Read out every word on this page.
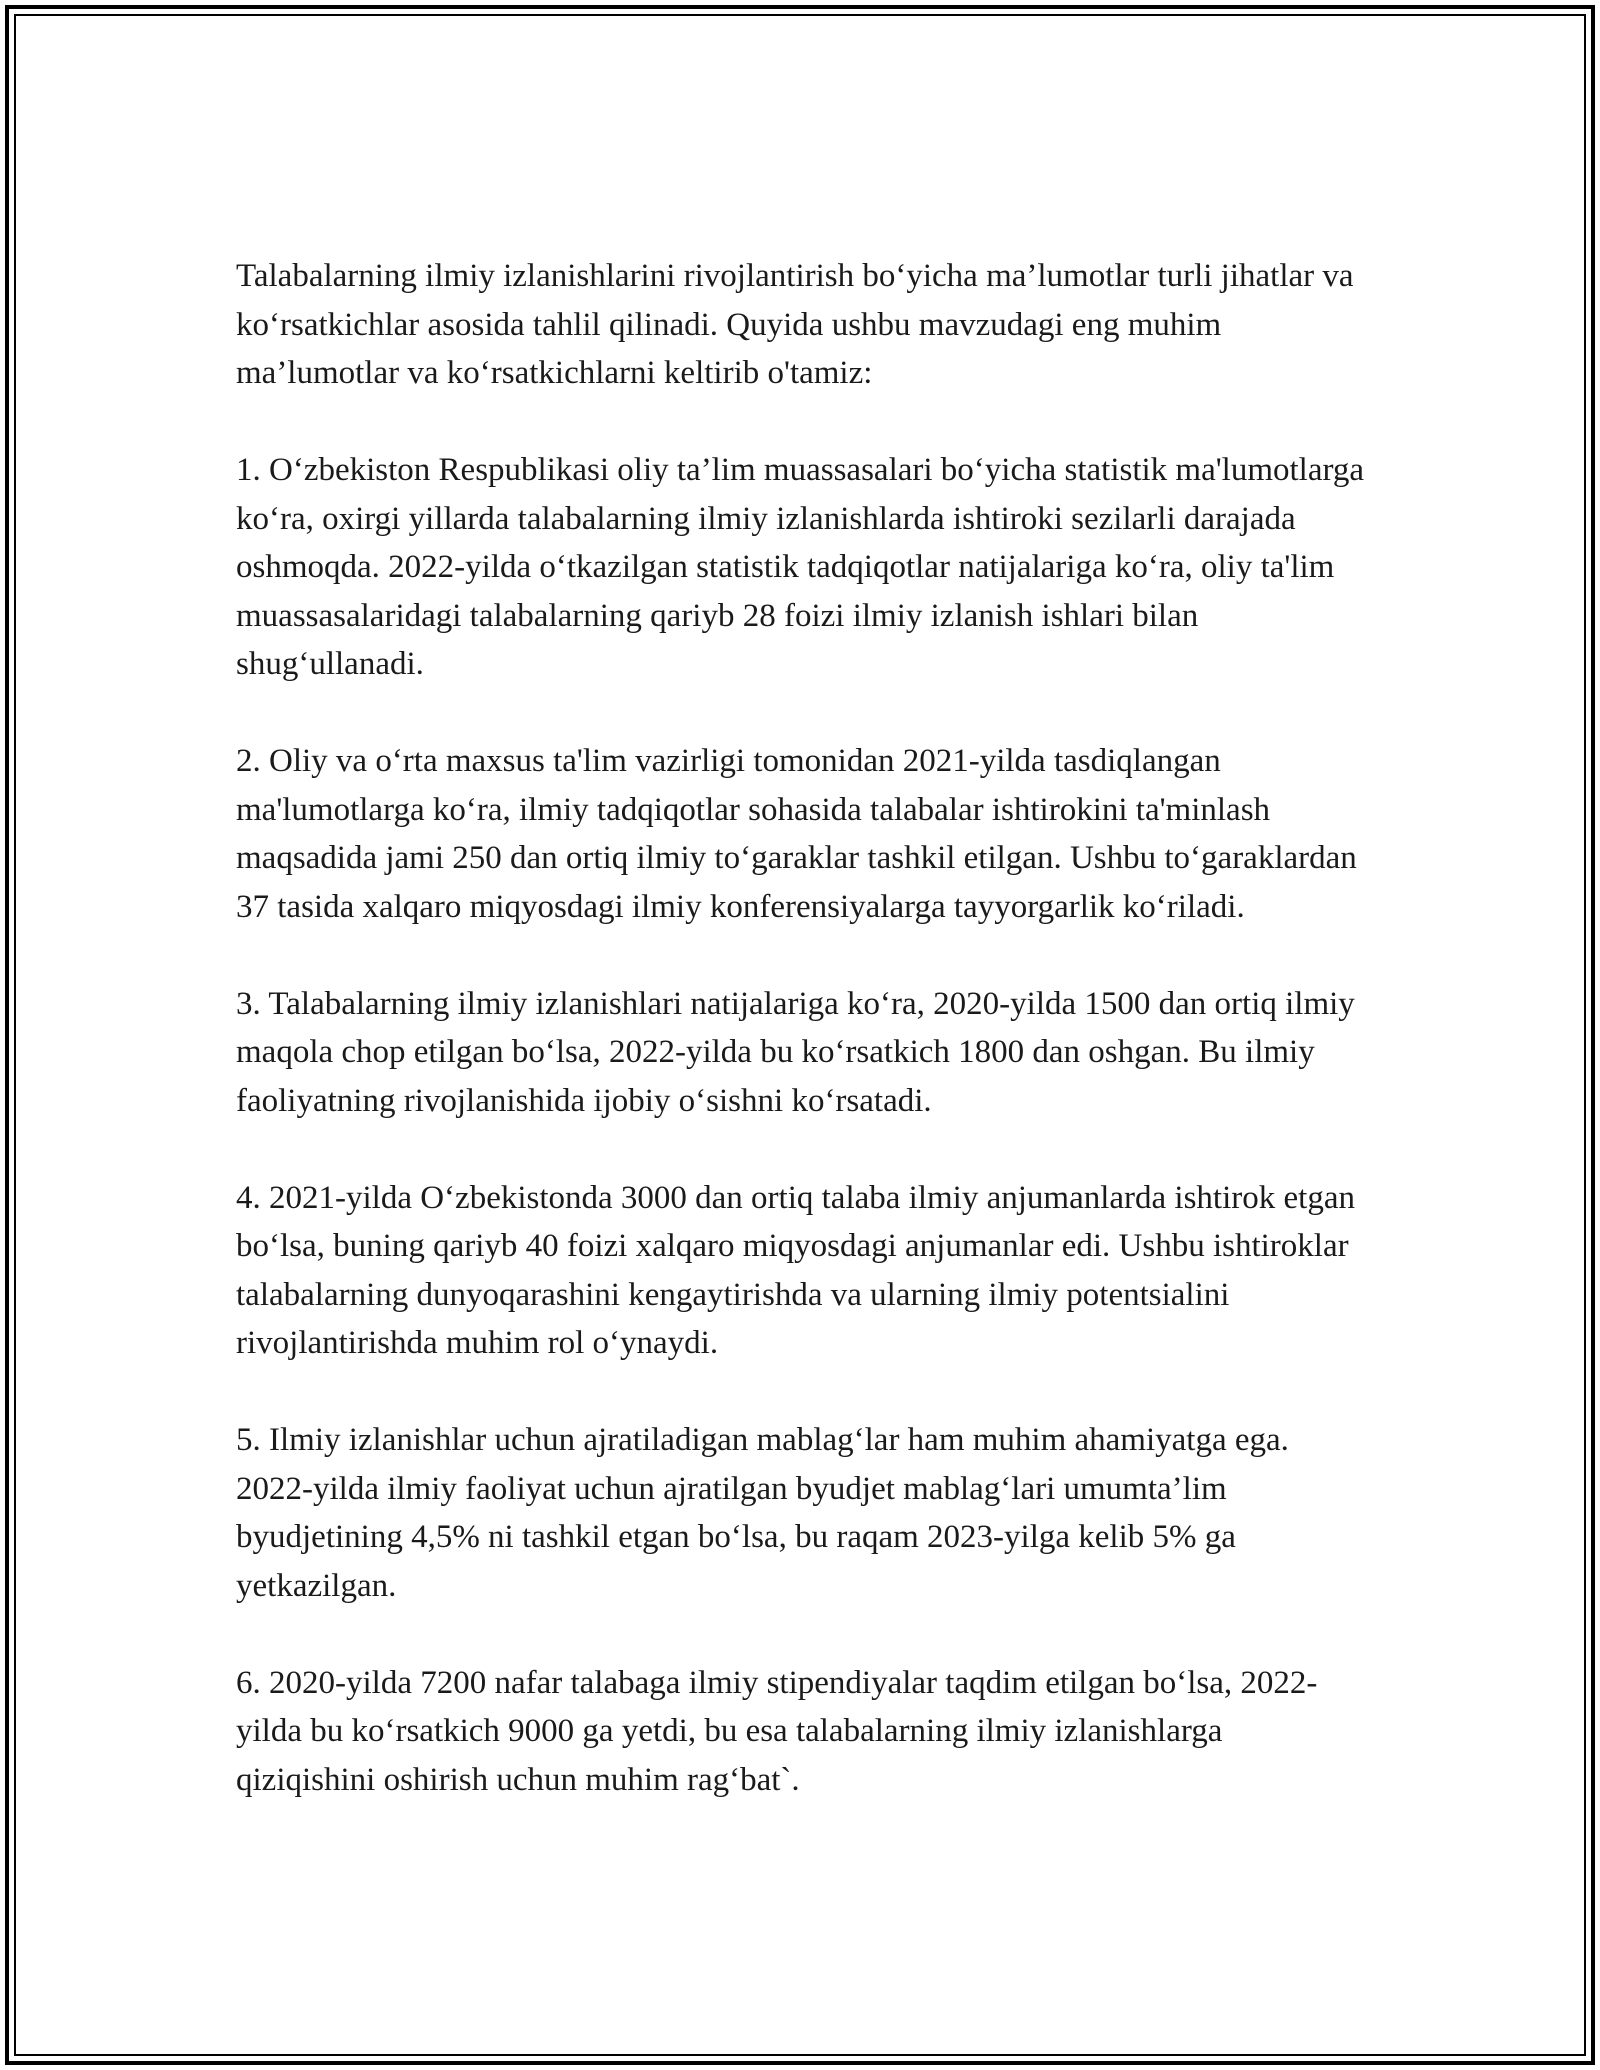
Talabalarning ilmiy izlanishlarini rivojlantirish bo‘yicha ma’lumotlar turli jihatlar va ko‘rsatkichlar asosida tahlil qilinadi. Quyida ushbu mavzudagi eng muhim ma’lumotlar va ko‘rsatkichlarni keltirib o'tamiz:

1. O‘zbekiston Respublikasi oliy ta’lim muassasalari bo‘yicha statistik ma'lumotlarga ko‘ra, oxirgi yillarda talabalarning ilmiy izlanishlarda ishtiroki sezilarli darajada oshmoqda. 2022-yilda o‘tkazilgan statistik tadqiqotlar natijalariga ko‘ra, oliy ta'lim muassasalaridagi talabalarning qariyb 28 foizi ilmiy izlanish ishlari bilan shug‘ullanadi.

2. Oliy va o‘rta maxsus ta'lim vazirligi tomonidan 2021-yilda tasdiqlangan ma'lumotlarga ko‘ra, ilmiy tadqiqotlar sohasida talabalar ishtirokini ta'minlash maqsadida jami 250 dan ortiq ilmiy to‘garaklar tashkil etilgan. Ushbu to‘garaklardan 37 tasida xalqaro miqyosdagi ilmiy konferensiyalarga tayyorgarlik ko‘riladi.

3. Talabalarning ilmiy izlanishlari natijalariga ko‘ra, 2020-yilda 1500 dan ortiq ilmiy maqola chop etilgan bo‘lsa, 2022-yilda bu ko‘rsatkich 1800 dan oshgan. Bu ilmiy faoliyatning rivojlanishida ijobiy o‘sishni ko‘rsatadi.

4. 2021-yilda O‘zbekistonda 3000 dan ortiq talaba ilmiy anjumanlarda ishtirok etgan bo‘lsa, buning qariyb 40 foizi xalqaro miqyosdagi anjumanlar edi. Ushbu ishtiroklar talabalarning dunyoqarashini kengaytirishda va ularning ilmiy potentsialini rivojlantirishda muhim rol o‘ynaydi.

5. Ilmiy izlanishlar uchun ajratiladigan mablag‘lar ham muhim ahamiyatga ega. 2022-yilda ilmiy faoliyat uchun ajratilgan byudjet mablag‘lari umumta’lim byudjetining 4,5% ni tashkil etgan bo‘lsa, bu raqam 2023-yilga kelib 5% ga yetkazilgan.

6. 2020-yilda 7200 nafar talabaga ilmiy stipendiyalar taqdim etilgan bo‘lsa, 2022-yilda bu ko‘rsatkich 9000 ga yetdi, bu esa talabalarning ilmiy izlanishlarga qiziqishini oshirish uchun muhim rag‘bat`.
